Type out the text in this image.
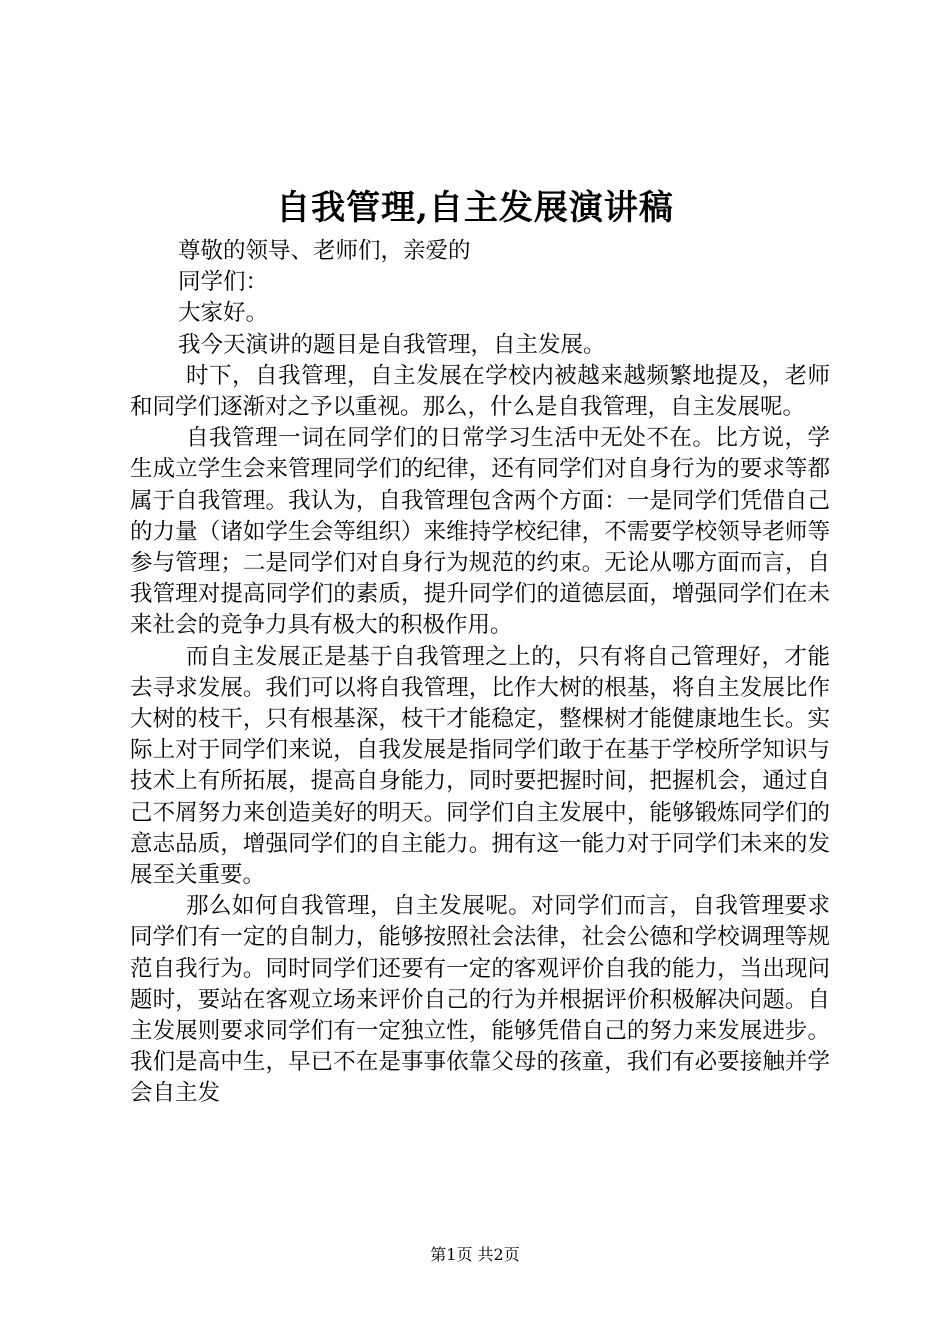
自我管理,自主发展演讲稿

尊敬的领导、老师们，亲爱的

同学们：

大家好。

我今天演讲的题目是自我管理，自主发展。

时下，自我管理，自主发展在学校内被越来越频繁地提及，老师和同学们逐渐对之予以重视。那么，什么是自我管理，自主发展呢。

自我管理一词在同学们的日常学习生活中无处不在。比方说，学生成立学生会来管理同学们的纪律，还有同学们对自身行为的要求等都属于自我管理。我认为，自我管理包含两个方面：一是同学们凭借自己的力量（诸如学生会等组织）来维持学校纪律，不需要学校领导老师等参与管理；二是同学们对自身行为规范的约束。无论从哪方面而言，自我管理对提高同学们的素质，提升同学们的道德层面，增强同学们在未来社会的竞争力具有极大的积极作用。

而自主发展正是基于自我管理之上的，只有将自己管理好，才能去寻求发展。我们可以将自我管理，比作大树的根基，将自主发展比作大树的枝干，只有根基深，枝干才能稳定，整棵树才能健康地生长。实际上对于同学们来说，自我发展是指同学们敢于在基于学校所学知识与技术上有所拓展，提高自身能力，同时要把握时间，把握机会，通过自己不屑努力来创造美好的明天。同学们自主发展中，能够锻炼同学们的意志品质，增强同学们的自主能力。拥有这一能力对于同学们未来的发展至关重要。

那么如何自我管理，自主发展呢。对同学们而言，自我管理要求同学们有一定的自制力，能够按照社会法律，社会公德和学校调理等规范自我行为。同时同学们还要有一定的客观评价自我的能力，当出现问题时，要站在客观立场来评价自己的行为并根据评价积极解决问题。自主发展则要求同学们有一定独立性，能够凭借自己的努力来发展进步。我们是高中生，早已不在是事事依靠父母的孩童，我们有必要接触并学会自主发

第1页 共2页
